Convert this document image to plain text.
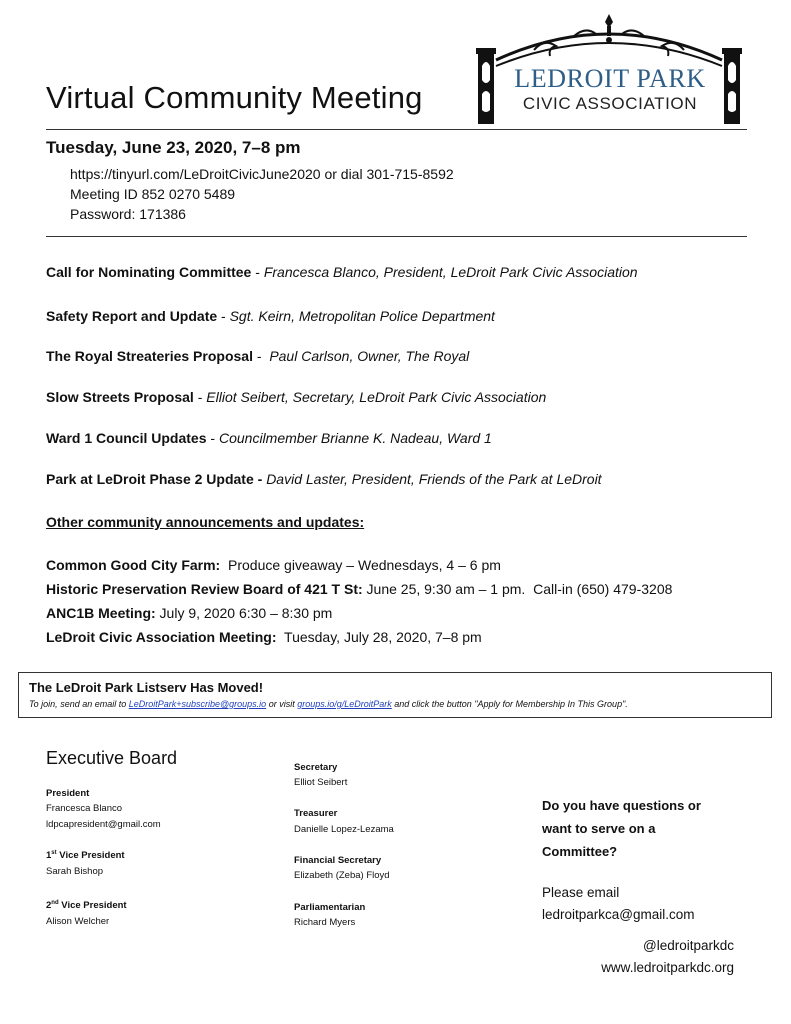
Virtual Community Meeting
LEDROIT PARK
CIVIC ASSOCIATION
Tuesday, June 23, 2020, 7–8 pm
https://tinyurl.com/LeDroitCivicJune2020 or dial 301-715-8592
Meeting ID 852 0270 5489
Password: 171386
Call for Nominating Committee - Francesca Blanco, President, LeDroit Park Civic Association
Safety Report and Update - Sgt. Keirn, Metropolitan Police Department
The Royal Streateries Proposal -  Paul Carlson, Owner, The Royal
Slow Streets Proposal - Elliot Seibert, Secretary, LeDroit Park Civic Association
Ward 1 Council Updates - Councilmember Brianne K. Nadeau, Ward 1
Park at LeDroit Phase 2 Update - David Laster, President, Friends of the Park at LeDroit
Other community announcements and updates:
Common Good City Farm:  Produce giveaway – Wednesdays, 4 – 6 pm
Historic Preservation Review Board of 421 T St: June 25, 9:30 am – 1 pm.  Call-in (650) 479-3208
ANC1B Meeting: July 9, 2020 6:30 – 8:30 pm
LeDroit Civic Association Meeting:  Tuesday, July 28, 2020, 7–8 pm
The LeDroit Park Listserv Has Moved!
To join, send an email to LeDroitPark+subscribe@groups.io or visit groups.io/g/LeDroitPark and click the button "Apply for Membership In This Group".
Executive Board
President
Francesca Blanco
ldpcapresident@gmail.com
1st Vice President
Sarah Bishop
2nd Vice President
Alison Welcher
Secretary
Elliot Seibert
Treasurer
Danielle Lopez-Lezama
Financial Secretary
Elizabeth (Zeba) Floyd
Parliamentarian
Richard Myers
Do you have questions or
want to serve on a
Committee?
Please email
ledroitparkca@gmail.com
@ledroitparkdc
www.ledroitparkdc.org
